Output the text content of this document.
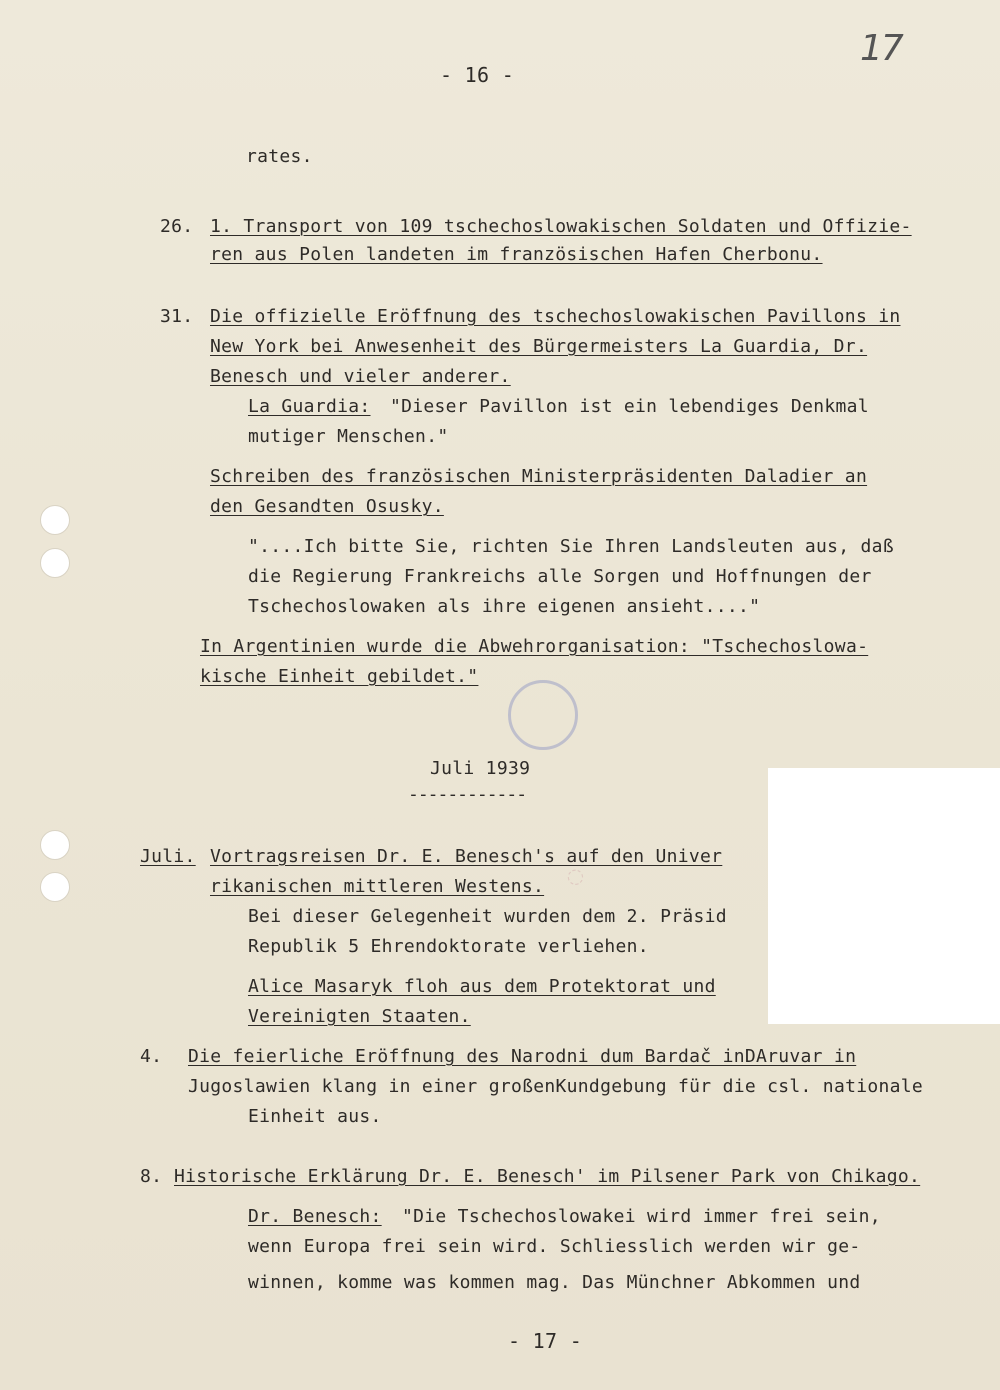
- 16 -
17
rates.
26. 1. Transport von 109 tschechoslowakischen Soldaten und Offizie-
ren aus Polen landeten im französischen Hafen Cherbonu.
31. Die offizielle Eröffnung des tschechoslowakischen Pavillons in
New York bei Anwesenheit des Bürgermeisters La Guardia, Dr.
Benesch und vieler anderer.
La Guardia: "Dieser Pavillon ist ein lebendiges Denkmal
mutiger Menschen."
Schreiben des französischen Ministerpräsidenten Daladier an
den Gesandten Osusky.
"....Ich bitte Sie, richten Sie Ihren Landsleuten aus, daß
die Regierung Frankreichs alle Sorgen und Hoffnungen der
Tschechoslowaken als ihre eigenen ansieht...."
In Argentinien wurde die Abwehrorganisation: "Tschechoslowa-
kische Einheit gebildet."
Juli 1939
------------
Juli. Vortragsreisen Dr. E. Benesch's auf den Univer
rikanischen mittleren Westens.
Bei dieser Gelegenheit wurden dem 2. Präsid
Republik 5 Ehrendoktorate verliehen.
Alice Masaryk floh aus dem Protektorat und
Vereinigten Staaten.
◌
4. Die feierliche Eröffnung des Narodni dum Bardač inDAruvar in
Jugoslawien klang in einer großenKundgebung für die csl. nationale
Einheit aus.
8. Historische Erklärung Dr. E. Benesch' im Pilsener Park von Chikago.
Dr. Benesch: "Die Tschechoslowakei wird immer frei sein,
wenn Europa frei sein wird. Schliesslich werden wir ge-
winnen, komme was kommen mag. Das Münchner Abkommen und
- 17 -
